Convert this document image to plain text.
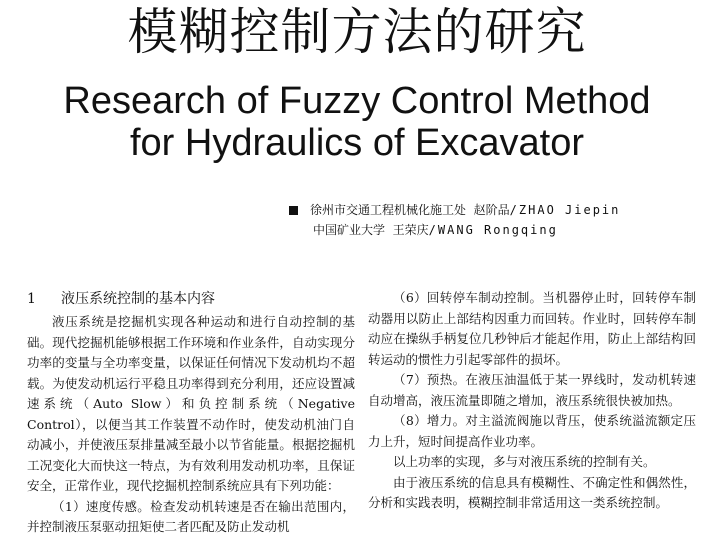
模糊控制方法的研究
Research of Fuzzy Control Method
for Hydraulics of Excavator
徐州市交通工程机械化施工处 赵阶品/ZHAO Jiepin
中国矿业大学 王荣庆/WANG Rongqing
1 液压系统控制的基本内容

液压系统是挖掘机实现各种运动和进行自动控制的基础。现代挖掘机能够根据工作环境和作业条件，自动实现分功率的变量与全功率变量，以保证任何情况下发动机均不超载。为使发动机运行平稳且功率得到充分利用，还应设置减速系统（Auto Slow）和负控制系统（Negative Control），以便当其工作装置不动作时，使发动机油门自动减小，并使液压泵排量减至最小以节省能量。根据挖掘机工况变化大而快这一特点，为有效利用发动机功率，且保证安全，正常作业，现代挖掘机控制系统应具有下列功能：

（1）速度传感。检查发动机转速是否在输出范围内，并控制液压泵驱动扭矩使二者匹配及防止发动机

（6）回转停车制动控制。当机器停止时，回转停车制动器用以防止上部结构因重力而回转。作业时，回转停车制动应在操纵手柄复位几秒钟后才能起作用，防止上部结构回转运动的惯性力引起零部件的损坏。

（7）预热。在液压油温低于某一界线时，发动机转速自动增高，液压流量即随之增加，液压系统很快被加热。

（8）增力。对主溢流阀施以背压，使系统溢流额定压力上升，短时间提高作业功率。

以上功率的实现，多与对液压系统的控制有关。

由于液压系统的信息具有模糊性、不确定性和偶然性，分析和实践表明，模糊控制非常适用这一类系统控制。
